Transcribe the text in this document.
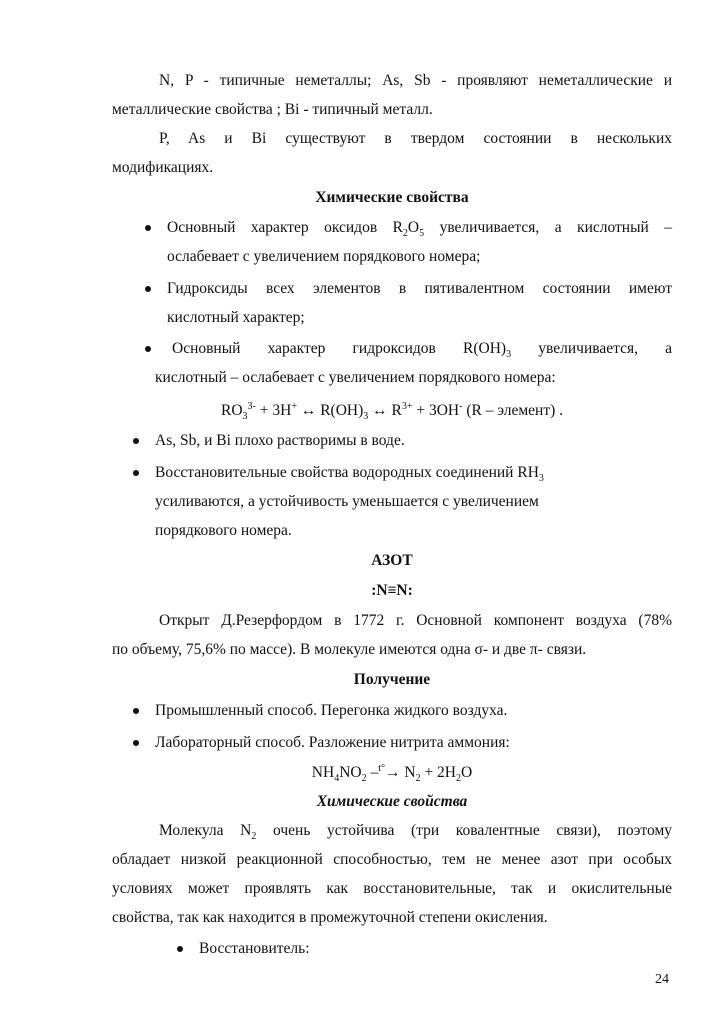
N, P - типичные неметаллы; As, Sb - проявляют неметаллические и
металлические свойства ; Bi - типичный металл.
P, As и Bi существуют в твердом состоянии в нескольких
модификациях.
Химические свойства
Основный характер оксидов $R_2O_5$ увеличивается, а кислотный –
ослабевает с увеличением порядкового номера;
Гидроксиды всех элементов в пятивалентном состоянии имеют
кислотный характер;
Основный характер гидроксидов $R(OH)_3$ увеличивается, а
кислотный – ослабевает с увеличением порядкового номера:
$RO_3^{3-} + 3H^+$ ↔ $R(OH)_3$ ↔ $R^{3+} + 3OH^-$ (R – элемент) .
As, Sb, и Bi плохо растворимы в воде.
Восстановительные свойства водородных соединений $RH_3$
усиливаются, а устойчивость уменьшается с увеличением
порядкового номера.
АЗОТ
:N≡N:
Открыт Д.Резерфордом в 1772 г. Основной компонент воздуха (78%
по объему, 75,6% по массе). В молекуле имеются одна σ- и две π- связи.
Получение
Промышленный способ. Перегонка жидкого воздуха.
Лабораторный способ. Разложение нитрита аммония:
$NH_4NO_2$ $-^{t^\circ}\to N_2 + 2H_2O$
Химические свойства
Молекула $N_2$ очень устойчива (три ковалентные связи), поэтому
обладает низкой реакционной способностью, тем не менее азот при особых
условиях может проявлять как восстановительные, так и окислительные
свойства, так как находится в промежуточной степени окисления.
Восстановитель:
24
